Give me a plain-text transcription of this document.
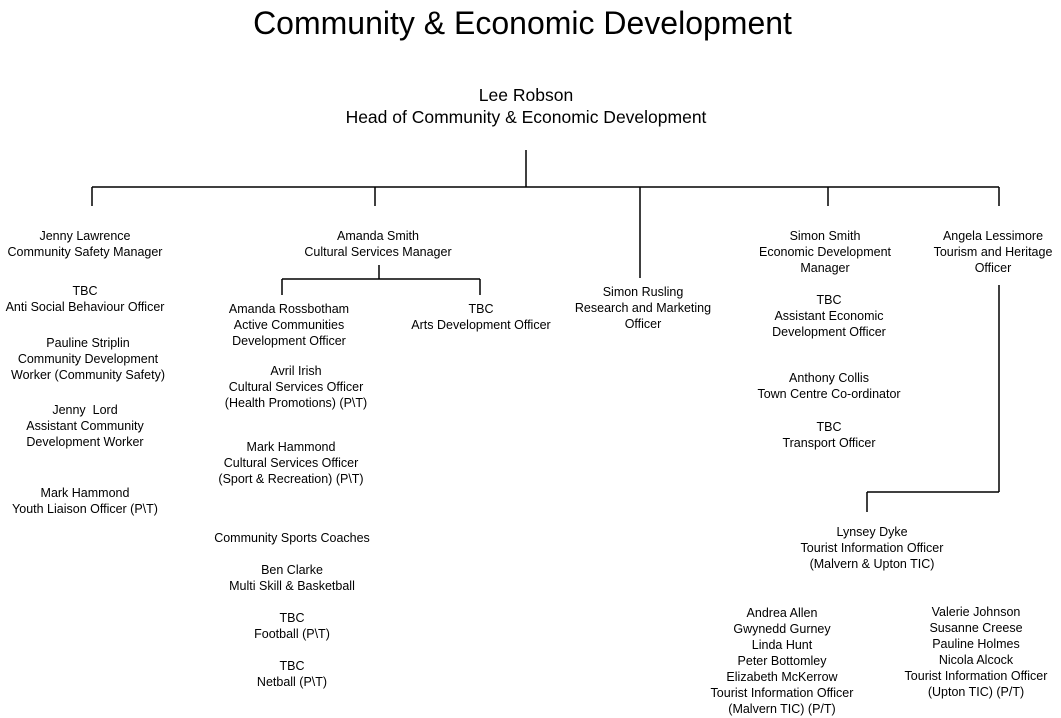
Community & Economic Development
Lee Robson
Head of Community & Economic Development
Jenny Lawrence
Community Safety Manager
TBC
Anti Social Behaviour Officer
Pauline Striplin
Community Development
Worker (Community Safety)
Jenny  Lord
Assistant Community
Development Worker
Mark Hammond
Youth Liaison Officer (P\T)
Amanda Smith
Cultural Services Manager
Amanda Rossbotham
Active Communities
Development Officer
Avril Irish
Cultural Services Officer
(Health Promotions) (P\T)
Mark Hammond
Cultural Services Officer
(Sport & Recreation) (P\T)
Community Sports Coaches
Ben Clarke
Multi Skill & Basketball
TBC
Football (P\T)
TBC
Netball (P\T)
TBC
Arts Development Officer
Simon Rusling
Research and Marketing
Officer
Simon Smith
Economic Development
Manager
TBC
Assistant Economic
Development Officer
Anthony Collis
Town Centre Co-ordinator
TBC
Transport Officer
Angela Lessimore
Tourism and Heritage
Officer
Lynsey Dyke
Tourist Information Officer
(Malvern & Upton TIC)
Andrea Allen
Gwynedd Gurney
Linda Hunt
Peter Bottomley
Elizabeth McKerrow
Tourist Information Officer
(Malvern TIC) (P/T)
Valerie Johnson
Susanne Creese
Pauline Holmes
Nicola Alcock
Tourist Information Officer
(Upton TIC) (P/T)
